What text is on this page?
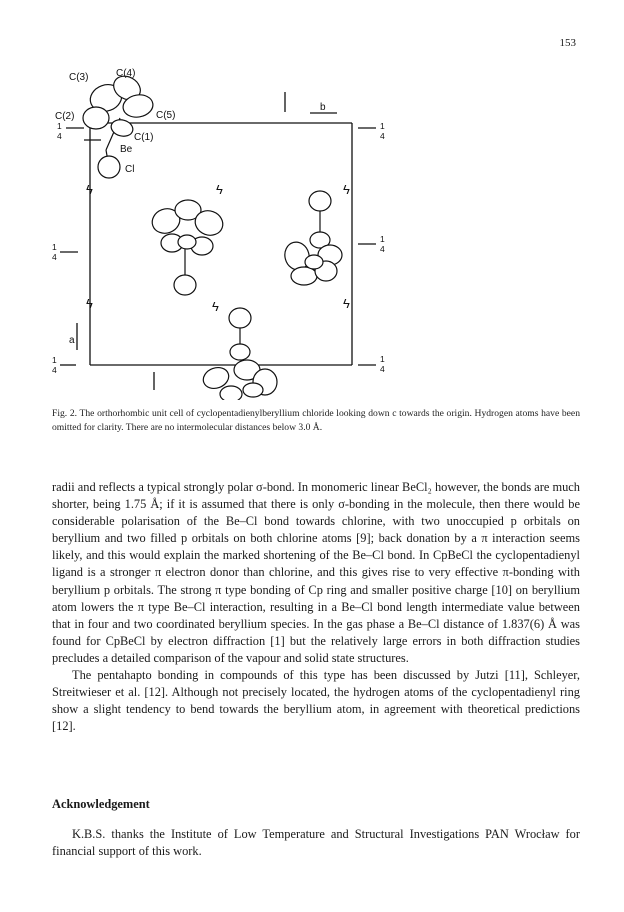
153
C(3)	C(4)
C(2)	C(5)
C(1)
Be
Cl
b
a
1
4
1
4
1
4
1
4
1
4
1
4
ϟ	ϟ	ϟ
ϟ	ϟ	ϟ
Fig. 2. The orthorhombic unit cell of cyclopentadienylberyllium chloride looking down c towards the origin. Hydrogen atoms have been omitted for clarity. There are no intermolecular distances below 3.0 Å.

radii and reflects a typical strongly polar σ-bond. In monomeric linear BeCl₂ however, the bonds are much shorter, being 1.75 Å; if it is assumed that there is only σ-bonding in the molecule, then there would be considerable polarisation of the Be–Cl bond towards chlorine, with two unoccupied p orbitals on beryllium and two filled p orbitals on both chlorine atoms [9]; back donation by a π interaction seems likely, and this would explain the marked shortening of the Be–Cl bond. In CpBeCl the cyclopentadienyl ligand is a stronger π electron donor than chlorine, and this gives rise to very effective π-bonding with beryllium p orbitals. The strong π type bonding of Cp ring and smaller positive charge [10] on beryllium atom lowers the π type Be–Cl interaction, resulting in a Be–Cl bond length intermediate value between that in four and two coordinated beryllium species. In the gas phase a Be–Cl distance of 1.837(6) Å was found for CpBeCl by electron diffraction [1] but the relatively large errors in both diffraction studies precludes a detailed comparison of the vapour and solid state structures.

The pentahapto bonding in compounds of this type has been discussed by Jutzi [11], Schleyer, Streitwieser et al. [12]. Although not precisely located, the hydrogen atoms of the cyclopentadienyl ring show a slight tendency to bend towards the beryllium atom, in agreement with theoretical predictions [12].

Acknowledgement
K.B.S. thanks the Institute of Low Temperature and Structural Investigations PAN Wrocław for financial support of this work.
